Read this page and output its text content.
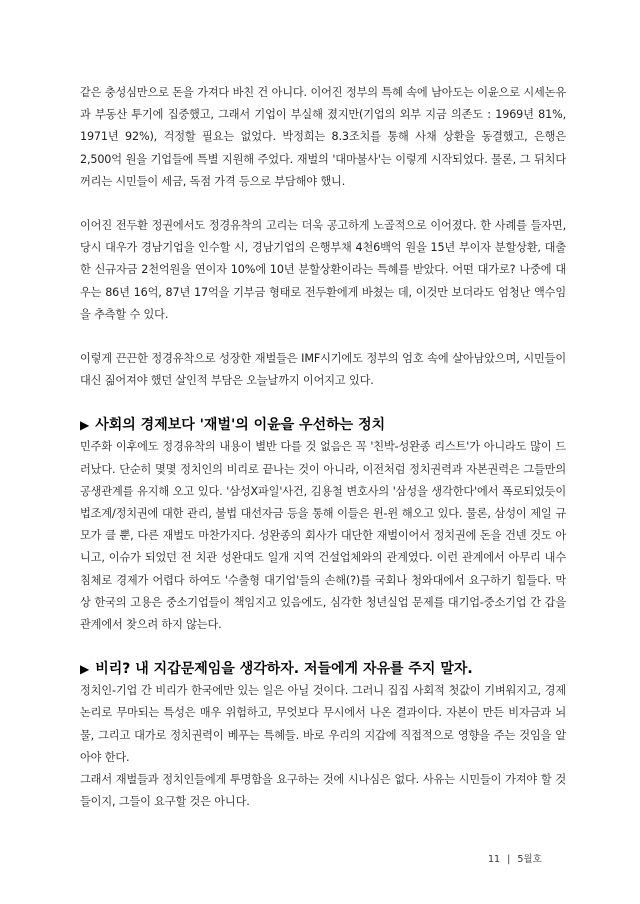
같은 충성심만으로 돈을 가져다 바친 건 아니다. 이어진 정부의 특혜 속에 남아도는 이윤으로 시세논유과 부동산 투기에 집중했고, 그래서 기업이 부실해 졌지만(기업의 외부 지금 의존도 : 1969년 81%, 1971년 92%), 걱정할 필요는 없었다. 박정희는 8.3조치를 통해 사채 상환을 동결했고, 은행은 2,500억 원을 기업들에 특별 지원해 주었다. 재벌의 '대마불사'는 이렇게 시작되었다. 물론, 그 뒤치다꺼리는 시민들이 세금, 독점 가격 등으로 부담해야 했니.

이어진 전두환 정권에서도 정경유착의 고리는 더욱 공고하게 노골적으로 이어졌다. 한 사례를 들자면, 당시 대우가 경남기업을 인수할 시, 경남기업의 은행부채 4천6백억 원을 15년 부이자 분할상환, 대출한 신규자금 2천억원을 연이자 10%에 10년 분할상환이라는 특혜를 받았다. 어떤 대가로? 나중에 대우는 86년 16억, 87년 17억을 기부금 형태로 전두환에게 바쳤는 데, 이것만 보더라도 엄청난 액수임을 추측할 수 있다.

이렇게 끈끈한 정경유착으로 성장한 재벌들은 IMF시기에도 정부의 엄호 속에 살아남았으며, 시민들이 대신 짊어져야 했던 살인적 부담은 오늘날까지 이어지고 있다.

▶ 사회의 경제보다 '재벌'의 이윤을 우선하는 정치

민주화 이후에도 정경유착의 내용이 별반 다를 것 없음은 꼭 '친박-성완종 리스트'가 아니라도 많이 드러났다. 단순히 몇몇 정치인의 비리로 끝나는 것이 아니라, 이전처럼 정치권력과 자본권력은 그들만의 공생관계를 유지해 오고 있다. '삼성X파일'사건, 김용철 변호사의 '삼성을 생각한다'에서 폭로되었듯이 법조계/정치권에 대한 관리, 불법 대선자금 등을 통해 이들은 윈-윈 해오고 있다. 물론, 삼성이 제일 규모가 클 뿐, 다른 재벌도 마찬가지다. 성완종의 회사가 대단한 재벌이어서 정치권에 돈을 건넨 것도 아니고, 이슈가 되었던 전 치관 성완대도 일개 지역 건설업체와의 관계였다. 이런 관계에서 아무리 내수침체로 경제가 어렵다 하여도 '수출형 대기업'들의 손해(?)를 국회나 청와대에서 요구하기 힘들다. 막상 한국의 고용은 중소기업들이 책임지고 있음에도, 심각한 청년실업 문제를 대기업-중소기업 간 갑을관계에서 찾으려 하지 않는다.

▶ 비리? 내 지갑문제임을 생각하자. 저들에게 자유를 주지 말자.

정치인-기업 간 비리가 한국에만 있는 일은 아닐 것이다. 그러니 집집 사회적 첫값이 기벼워지고, 경제논리로 무마되는 특성은 매우 위험하고, 무엇보다 무시에서 나온 결과이다. 자본이 만든 비자금과 뇌물, 그리고 대가로 정치권력이 베푸는 특혜들. 바로 우리의 지갑에 직접적으로 영향을 주는 것임을 알아야 한다.

그래서 재벌들과 정치인들에게 투명함을 요구하는 것에 시나심은 없다. 사유는 시민들이 가져야 할 것들이지, 그들이 요구할 것은 아니다.

11 | 5월호
